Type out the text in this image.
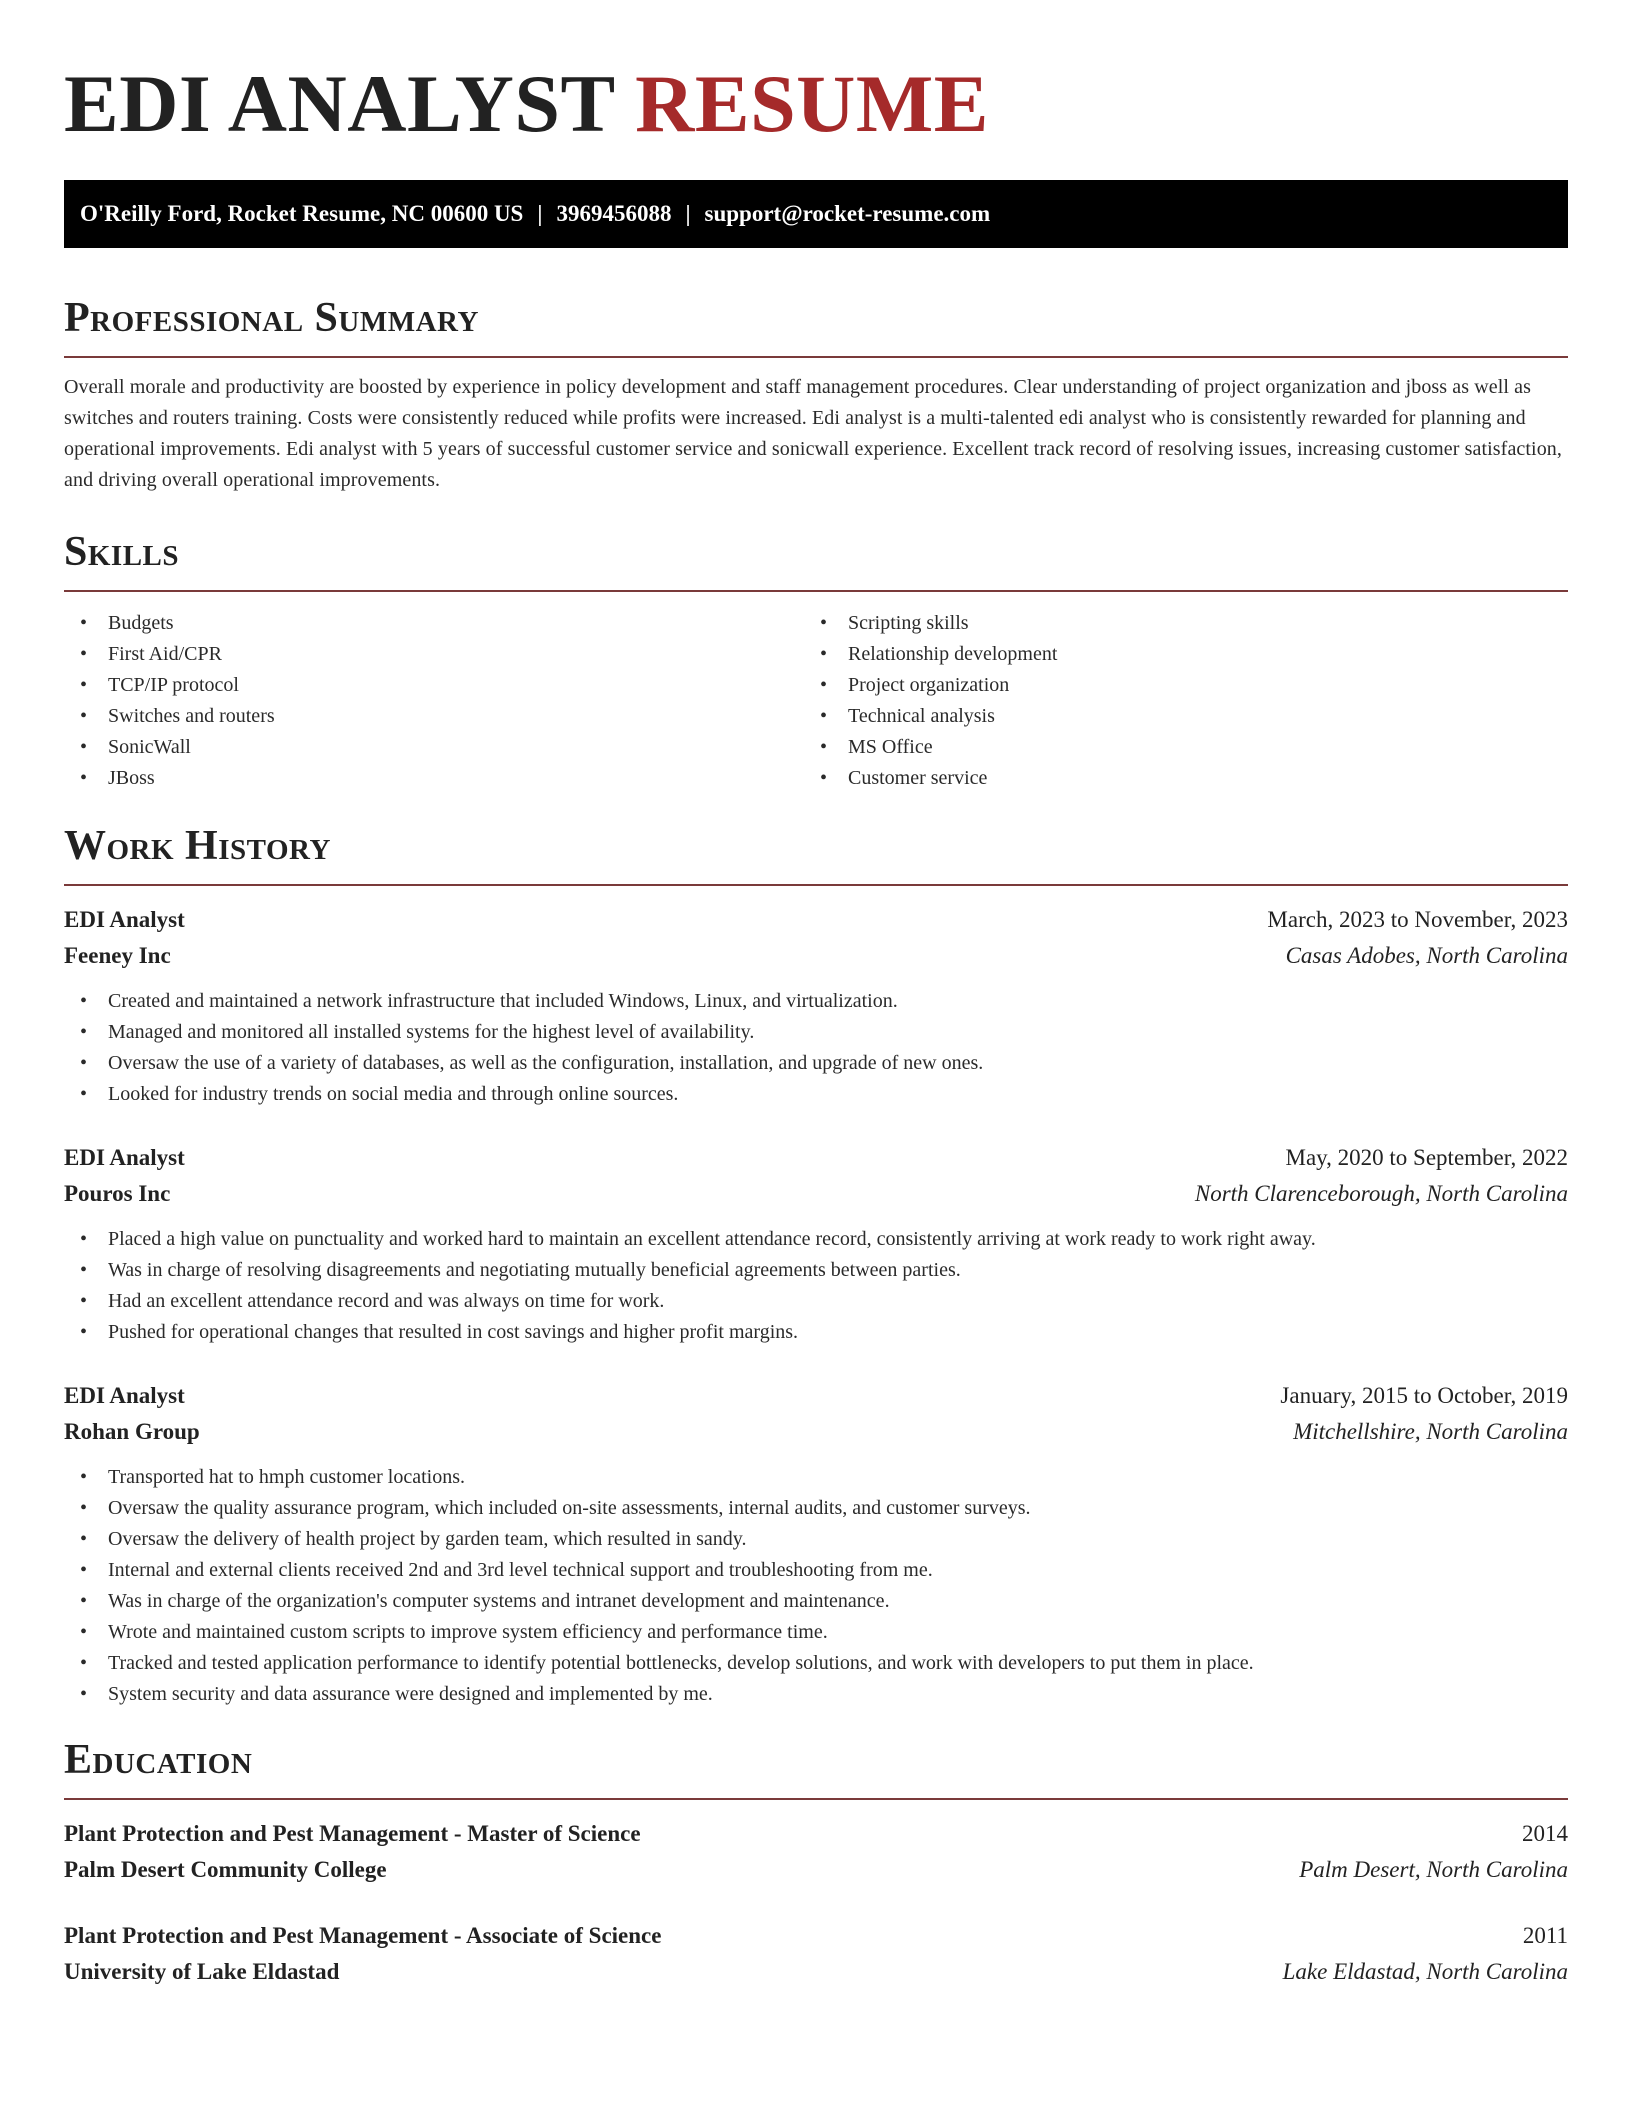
EDI ANALYST RESUME
O'Reilly Ford, Rocket Resume, NC 00600 US | 3969456088 | support@rocket-resume.com
Professional Summary

Overall morale and productivity are boosted by experience in policy development and staff management procedures. Clear understanding of project organization and jboss as well as switches and routers training. Costs were consistently reduced while profits were increased. Edi analyst is a multi-talented edi analyst who is consistently rewarded for planning and operational improvements. Edi analyst with 5 years of successful customer service and sonicwall experience. Excellent track record of resolving issues, increasing customer satisfaction, and driving overall operational improvements.

Skills
• Budgets
• First Aid/CPR
• TCP/IP protocol
• Switches and routers
• SonicWall
• JBoss
• Scripting skills
• Relationship development
• Project organization
• Technical analysis
• MS Office
• Customer service
Work History
EDI Analyst	March, 2023 to November, 2023
Feeney Inc	Casas Adobes, North Carolina
• Created and maintained a network infrastructure that included Windows, Linux, and virtualization.
• Managed and monitored all installed systems for the highest level of availability.
• Oversaw the use of a variety of databases, as well as the configuration, installation, and upgrade of new ones.
• Looked for industry trends on social media and through online sources.
EDI Analyst	May, 2020 to September, 2022
Pouros Inc	North Clarenceborough, North Carolina
• Placed a high value on punctuality and worked hard to maintain an excellent attendance record, consistently arriving at work ready to work right away.
• Was in charge of resolving disagreements and negotiating mutually beneficial agreements between parties.
• Had an excellent attendance record and was always on time for work.
• Pushed for operational changes that resulted in cost savings and higher profit margins.
EDI Analyst	January, 2015 to October, 2019
Rohan Group	Mitchellshire, North Carolina
• Transported hat to hmph customer locations.
• Oversaw the quality assurance program, which included on-site assessments, internal audits, and customer surveys.
• Oversaw the delivery of health project by garden team, which resulted in sandy.
• Internal and external clients received 2nd and 3rd level technical support and troubleshooting from me.
• Was in charge of the organization's computer systems and intranet development and maintenance.
• Wrote and maintained custom scripts to improve system efficiency and performance time.
• Tracked and tested application performance to identify potential bottlenecks, develop solutions, and work with developers to put them in place.
• System security and data assurance were designed and implemented by me.
Education
Plant Protection and Pest Management - Master of Science	2014
Palm Desert Community College	Palm Desert, North Carolina
Plant Protection and Pest Management - Associate of Science	2011
University of Lake Eldastad	Lake Eldastad, North Carolina
